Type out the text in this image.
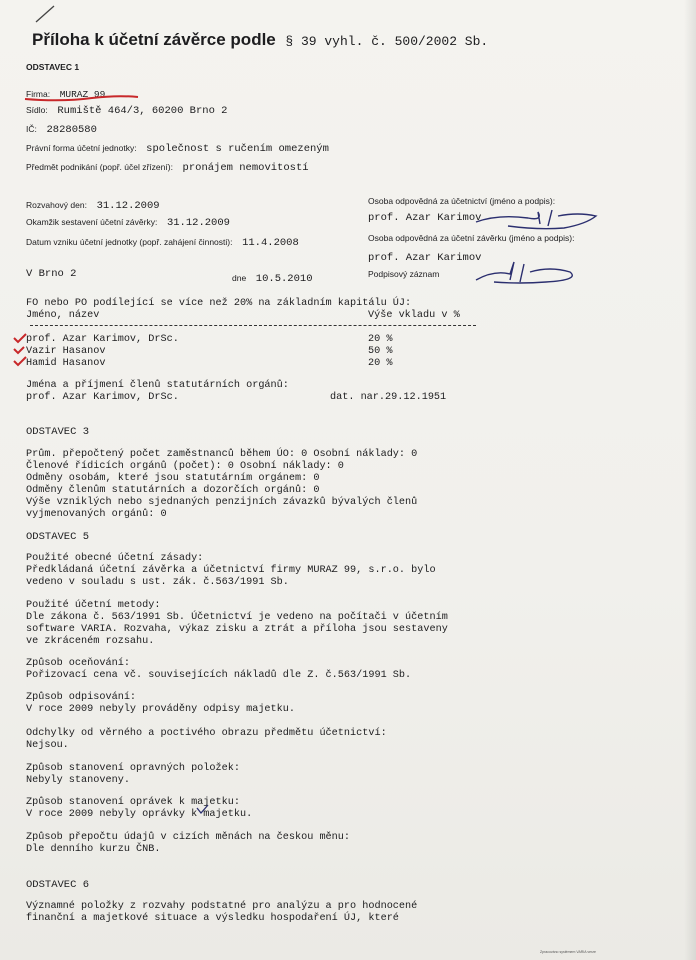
Příloha k účetní závěrce podle § 39 vyhl. č. 500/2002 Sb.
ODSTAVEC 1
Firma: MURAZ 99
Sídlo: Rumiště 464/3, 60200 Brno 2
IČ: 28280580
Právní forma účetní jednotky: společnost s ručením omezeným
Předmět podnikání (popř. účel zřízení): pronájem nemovitostí
Rozvahový den: 31.12.2009
Okamžik sestavení účetní závěrky: 31.12.2009
Datum vzniku účetní jednotky (popř. zahájení činnosti): 11.4.2008
Osoba odpovědná za účetnictví (jméno a podpis):
prof. Azar Karimov
Osoba odpovědná za účetní závěrku (jméno a podpis):
prof. Azar Karimov
Podpisový záznam
V Brno 2	dne 10.5.2010
FO nebo PO podílející se více než 20% na základním kapitálu ÚJ:
Jméno, název	Výše vkladu v %
prof. Azar Karimov, DrSc.	20 %
Vazir Hasanov	50 %
Hamid Hasanov	20 %
Jména a příjmení členů statutárních orgánů:
prof. Azar Karimov, DrSc.	dat. nar.29.12.1951
ODSTAVEC 3
Prům. přepočtený počet zaměstnanců během ÚO: 0 Osobní náklady: 0
Členové řídicích orgánů (počet): 0 Osobní náklady: 0
Odměny osobám, které jsou statutárním orgánem: 0
Odměny členům statutárních a dozorčích orgánů: 0
Výše vzniklých nebo sjednaných penzijních závazků bývalých členů
vyjmenovaných orgánů: 0
ODSTAVEC 5
Použité obecné účetní zásady:
Předkládaná účetní závěrka a účetnictví firmy MURAZ 99, s.r.o. bylo
vedeno v souladu s ust. zák. č.563/1991 Sb.
Použité účetní metody:
Dle zákona č. 563/1991 Sb. Účetnictví je vedeno na počítači v účetním
software VARIA. Rozvaha, výkaz zisku a ztrát a příloha jsou sestaveny
ve zkráceném rozsahu.
Způsob oceňování:
Pořizovací cena vč. souvisejících nákladů dle Z. č.563/1991 Sb.
Způsob odpisování:
V roce 2009 nebyly prováděny odpisy majetku.
Odchylky od věrného a poctivého obrazu předmětu účetnictví:
Nejsou.
Způsob stanovení opravných položek:
Nebyly stanoveny.
Způsob stanovení oprávek k majetku:
V roce 2009 nebyly oprávky k majetku.
Způsob přepočtu údajů v cizích měnách na českou měnu:
Dle denního kurzu ČNB.
ODSTAVEC 6
Významné položky z rozvahy podstatné pro analýzu a pro hodnocené
finanční a majetkové situace a výsledku hospodaření ÚJ, které
Zpracováno systémem VARIA verze
